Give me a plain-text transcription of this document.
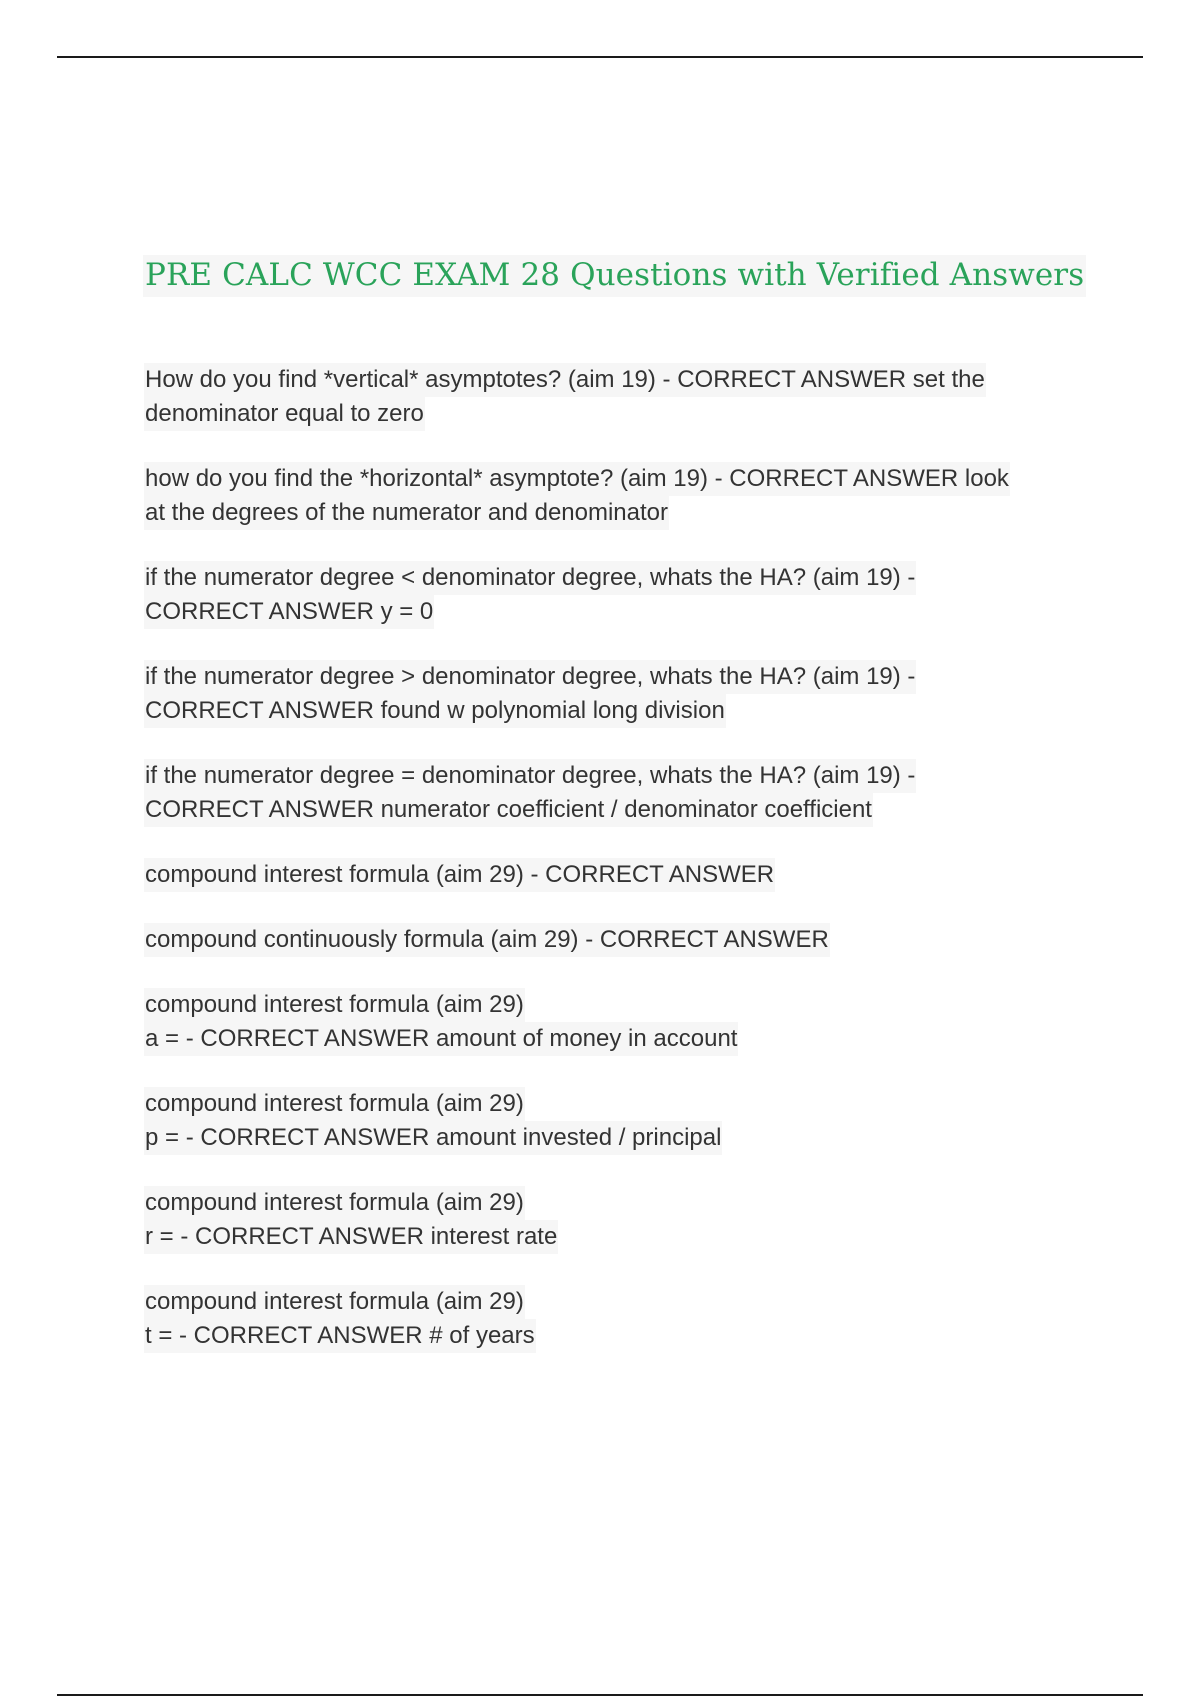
PRE CALC WCC EXAM 28 Questions with Verified Answers
How do you find *vertical* asymptotes? (aim 19) - CORRECT ANSWER set the
denominator equal to zero
how do you find the *horizontal* asymptote? (aim 19) - CORRECT ANSWER look
at the degrees of the numerator and denominator
if the numerator degree < denominator degree, whats the HA? (aim 19) -
CORRECT ANSWER y = 0
if the numerator degree > denominator degree, whats the HA? (aim 19) -
CORRECT ANSWER found w polynomial long division
if the numerator degree = denominator degree, whats the HA? (aim 19) -
CORRECT ANSWER numerator coefficient / denominator coefficient
compound interest formula (aim 29) - CORRECT ANSWER
compound continuously formula (aim 29) - CORRECT ANSWER
compound interest formula (aim 29)
a = - CORRECT ANSWER amount of money in account
compound interest formula (aim 29)
p = - CORRECT ANSWER amount invested / principal
compound interest formula (aim 29)
r = - CORRECT ANSWER interest rate
compound interest formula (aim 29)
t = - CORRECT ANSWER # of years
